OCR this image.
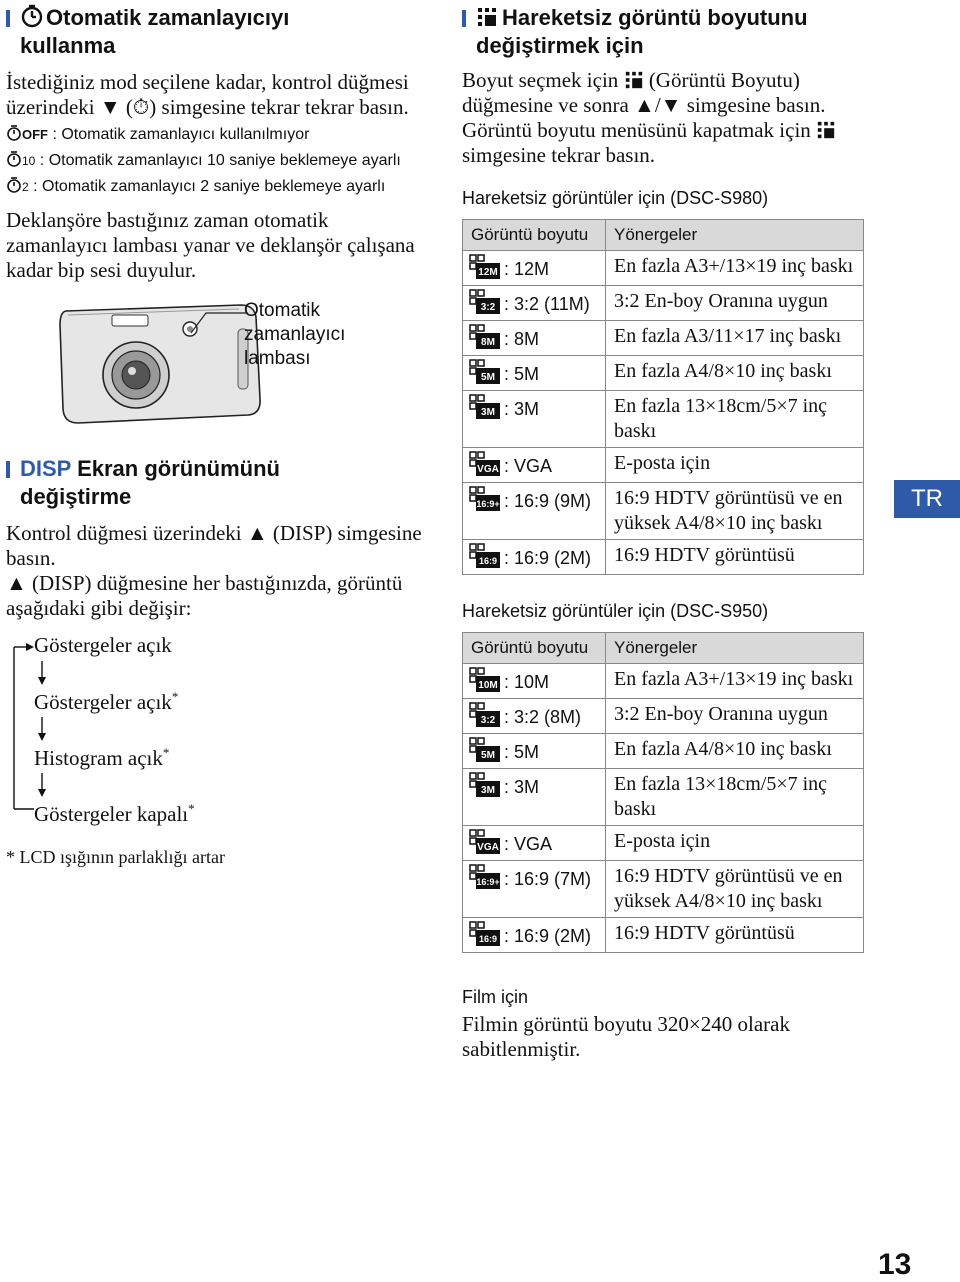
Otomatik zamanlayıcıyı
kullanma

İstediğiniz mod seçilene kadar, kontrol düğmesi üzerindeki ▼ (⏱) simgesine tekrar tekrar basın.

OFF : Otomatik zamanlayıcı kullanılmıyor
10 : Otomatik zamanlayıcı 10 saniye beklemeye ayarlı
2 : Otomatik zamanlayıcı 2 saniye beklemeye ayarlı

Deklanşöre bastığınız zaman otomatik zamanlayıcı lambası yanar ve deklanşör çalışana kadar bip sesi duyulur.

Otomatik
zamanlayıcı
lambası
DISP Ekran görünümünü
değiştirme

Kontrol düğmesi üzerindeki ▲ (DISP) simgesine basın.

▲ (DISP) düğmesine her bastığınızda, görüntü aşağıdaki gibi değişir:

Göstergeler açık
Göstergeler açık*
Histogram açık*
Göstergeler kapalı*
* LCD ışığının parlaklığı artar
Hareketsiz görüntü boyutunu
değiştirmek için

Boyut seçmek için  (Görüntü Boyutu) düğmesine ve sonra ▲/▼ simgesine basın.
Görüntü boyutu menüsünü kapatmak için  simgesine tekrar basın.

Hareketsiz görüntüler için (DSC-S980)
Görüntü boyutu	Yönergeler

12M : 12M	En fazla A3+/13×19 inç baskı

3:2 : 3:2 (11M)	3:2 En-boy Oranına uygun

8M : 8M	En fazla A3/11×17 inç baskı

5M : 5M	En fazla A4/8×10 inç baskı

3M : 3M	En fazla 13×18cm/5×7 inç baskı

VGA : VGA	E-posta için

16:9+ : 16:9 (9M)	16:9 HDTV görüntüsü ve en yüksek A4/8×10 inç baskı

16:9 : 16:9 (2M)	16:9 HDTV görüntüsü
Hareketsiz görüntüler için (DSC-S950)
Görüntü boyutu	Yönergeler

10M : 10M	En fazla A3+/13×19 inç baskı

3:2 : 3:2 (8M)	3:2 En-boy Oranına uygun

5M : 5M	En fazla A4/8×10 inç baskı

3M : 3M	En fazla 13×18cm/5×7 inç baskı

VGA : VGA	E-posta için

16:9+ : 16:9 (7M)	16:9 HDTV görüntüsü ve en yüksek A4/8×10 inç baskı

16:9 : 16:9 (2M)	16:9 HDTV görüntüsü
Film için

Filmin görüntü boyutu 320×240 olarak sabitlenmiştir.

TR
13
